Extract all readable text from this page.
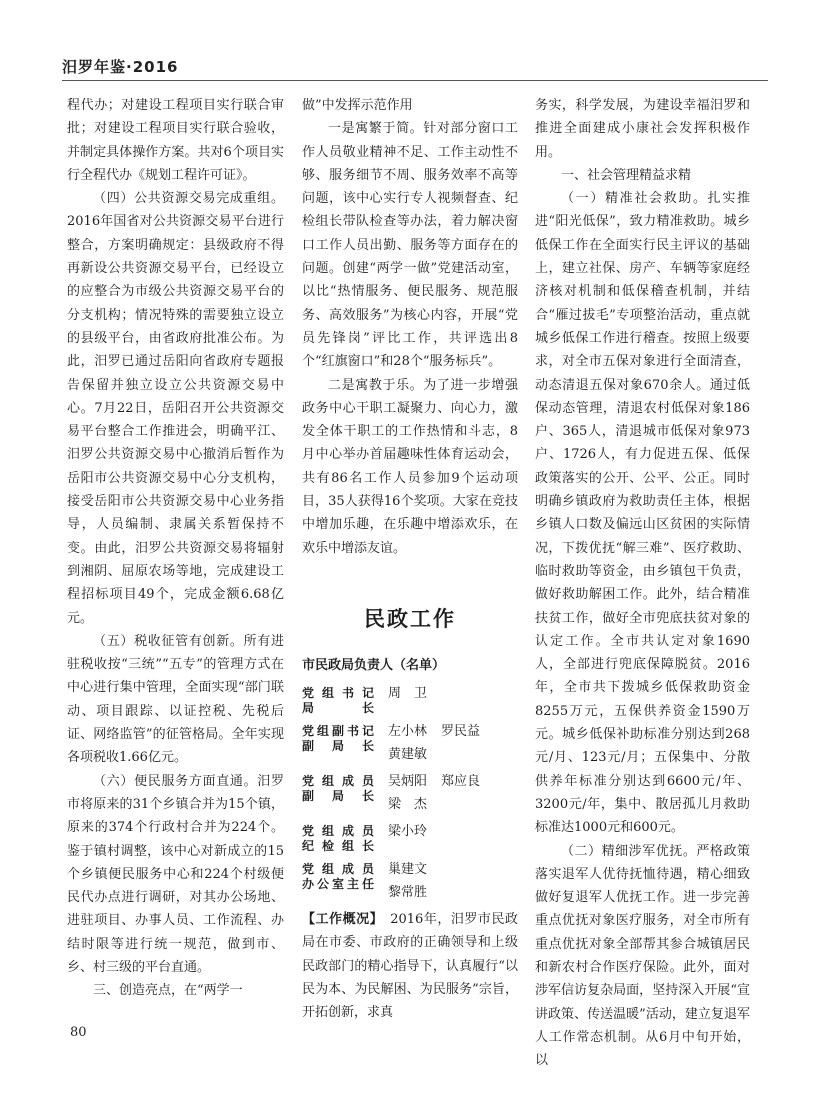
汨罗年鉴·2016

程代办；对建设工程项目实行联合审批；对建设工程项目实行联合验收，并制定具体操作方案。共对6个项目实行全程代办《规划工程许可证》。

（四）公共资源交易完成重组。2016年国省对公共资源交易平台进行整合，方案明确规定：县级政府不得再新设公共资源交易平台，已经设立的应整合为市级公共资源交易平台的分支机构；情况特殊的需要独立设立的县级平台，由省政府批准公布。为此，汨罗已通过岳阳向省政府专题报告保留并独立设立公共资源交易中心。7月22日，岳阳召开公共资源交易平台整合工作推进会，明确平江、汨罗公共资源交易中心撤消后暂作为岳阳市公共资源交易中心分支机构，接受岳阳市公共资源交易中心业务指导，人员编制、隶属关系暂保持不变。由此，汨罗公共资源交易将辐射到湘阴、屈原农场等地，完成建设工程招标项目49个，完成金额6.68亿元。

（五）税收征管有创新。所有进驻税收按“三统”“五专”的管理方式在中心进行集中管理，全面实现“部门联动、项目跟踪、以证控税、先税后证、网络监管”的征管格局。全年实现各项税收1.66亿元。

（六）便民服务方面直通。汨罗市将原来的31个乡镇合并为15个镇，原来的374个行政村合并为224个。鉴于镇村调整，该中心对新成立的15个乡镇便民服务中心和224个村级便民代办点进行调研，对其办公场地、进驻项目、办事人员、工作流程、办结时限等进行统一规范，做到市、乡、村三级的平台直通。

三、创造亮点，在“两学一

做”中发挥示范作用

一是寓繁于简。针对部分窗口工作人员敬业精神不足、工作主动性不够、服务细节不周、服务效率不高等问题，该中心实行专人视频督查、纪检组长带队检查等办法，着力解决窗口工作人员出勤、服务等方面存在的问题。创建“两学一做”党建活动室，以比“热情服务、便民服务、规范服务、高效服务”为核心内容，开展“党员先锋岗”评比工作，共评选出8个“红旗窗口”和28个“服务标兵”。

二是寓教于乐。为了进一步增强政务中心干职工凝聚力、向心力，激发全体干职工的工作热情和斗志，8月中心举办首届趣味性体育运动会，共有86名工作人员参加9个运动项目，35人获得16个奖项。大家在竞技中增加乐趣，在乐趣中增添欢乐，在欢乐中增添友谊。

民政工作
市民政局负责人（名单）
党组书记
局长
周　卫
党组副书记
副局长
左小林 罗民益
黄建敏
党组成员
副局长
吴炳阳 郑应良
梁　杰
党组成员
纪检组长
梁小玲
党组成员
办公室主任
巢建文
黎常胜

【工作概况】　 2016年，汨罗市民政局在市委、市政府的正确领导和上级民政部门的精心指导下，认真履行“以民为本、为民解困、为民服务”宗旨，开拓创新，求真

务实，科学发展，为建设幸福汨罗和推进全面建成小康社会发挥积极作用。

一、社会管理精益求精

（一）精准社会救助。扎实推进“阳光低保”，致力精准救助。城乡低保工作在全面实行民主评议的基础上，建立社保、房产、车辆等家庭经济核对机制和低保稽查机制，并结合“雁过拔毛”专项整治活动，重点就城乡低保工作进行稽查。按照上级要求，对全市五保对象进行全面清查，动态清退五保对象670余人。通过低保动态管理，清退农村低保对象186户、365人，清退城市低保对象973户、1726人，有力促进五保、低保政策落实的公开、公平、公正。同时明确乡镇政府为救助责任主体，根据乡镇人口数及偏远山区贫困的实际情况，下拨优抚“解三难”、医疗救助、临时救助等资金，由乡镇包干负责，做好救助解困工作。此外，结合精准扶贫工作，做好全市兜底扶贫对象的认定工作。全市共认定对象1690人，全部进行兜底保障脱贫。2016年，全市共下拨城乡低保救助资金8255万元，五保供养资金1590万元。城乡低保补助标准分别达到268元/月、123元/月；五保集中、分散供养年标准分别达到6600元/年、3200元/年，集中、散居孤儿月救助标准达1000元和600元。

（二）精细涉军优抚。严格政策落实退军人优待抚恤待遇，精心细致做好复退军人优抚工作。进一步完善重点优抚对象医疗服务，对全市所有重点优抚对象全部帮其参合城镇居民和新农村合作医疗保险。此外，面对涉军信访复杂局面，坚持深入开展“宣讲政策、传送温暖”活动，建立复退军人工作常态机制。从6月中旬开始，以

80
